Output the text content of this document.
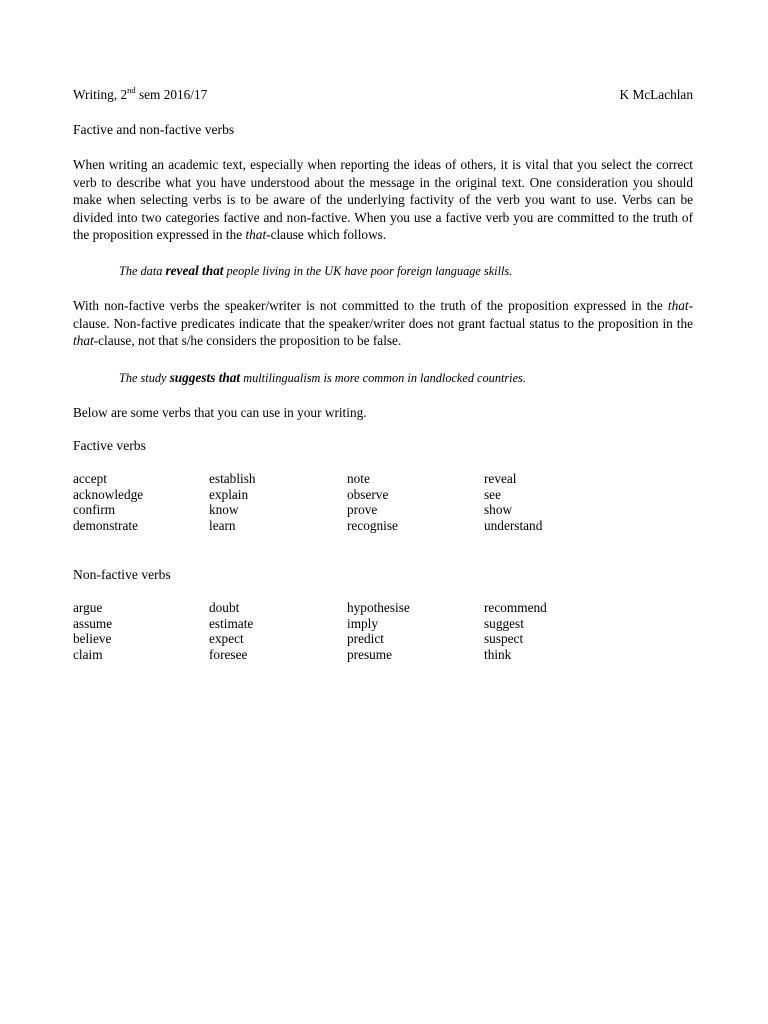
Writing, 2nd sem 2016/17	K McLachlan
Factive and non-factive verbs

When writing an academic text, especially when reporting the ideas of others, it is vital that you select the correct verb to describe what you have understood about the message in the original text. One consideration you should make when selecting verbs is to be aware of the underlying factivity of the verb you want to use. Verbs can be divided into two categories factive and non-factive. When you use a factive verb you are committed to the truth of the proposition expressed in the that-clause which follows.

The data reveal that people living in the UK have poor foreign language skills.

With non-factive verbs the speaker/writer is not committed to the truth of the proposition expressed in the that-clause. Non-factive predicates indicate that the speaker/writer does not grant factual status to the proposition in the that-clause, not that s/he considers the proposition to be false.

The study suggests that multilingualism is more common in landlocked countries.
Below are some verbs that you can use in your writing.
Factive verbs
accept	establish	note	reveal
acknowledge	explain	observe	see
confirm	know	prove	show
demonstrate	learn	recognise	understand
Non-factive verbs
argue	doubt	hypothesise	recommend
assume	estimate	imply	suggest
believe	expect	predict	suspect
claim	foresee	presume	think
